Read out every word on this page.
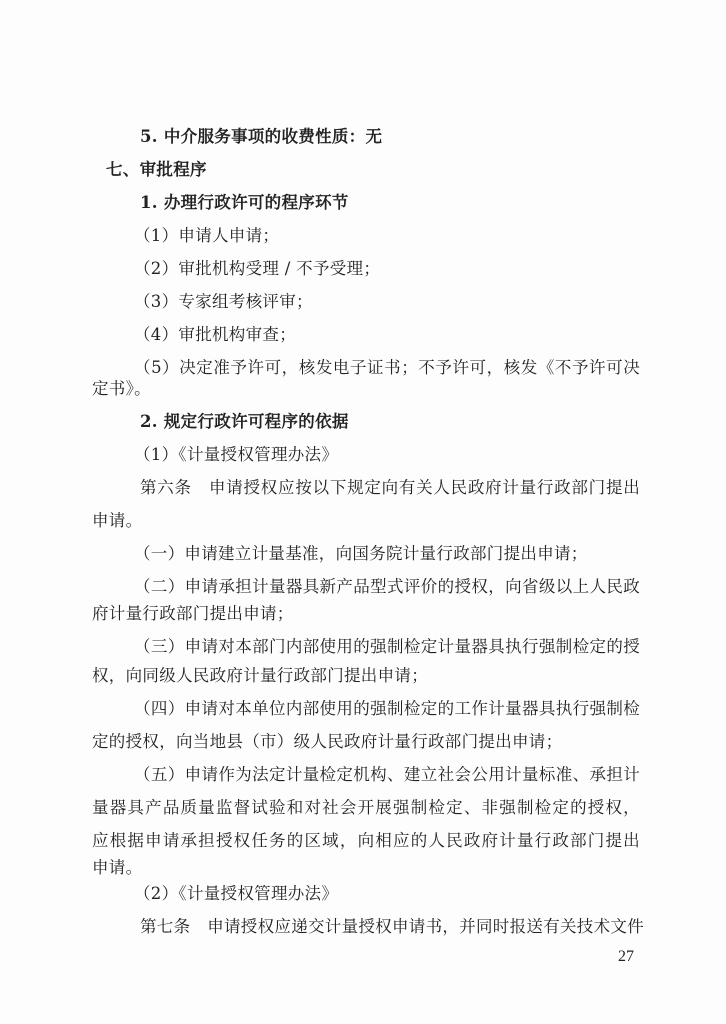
5. 中介服务事项的收费性质：无
七、审批程序
1. 办理行政许可的程序环节
（1）申请人申请；
（2）审批机构受理 / 不予受理；
（3）专家组考核评审；
（4）审批机构审查；
（5）决定准予许可，核发电子证书；不予许可，核发《不予许可决
定书》。
2. 规定行政许可程序的依据
（1）《计量授权管理办法》
第六条　申请授权应按以下规定向有关人民政府计量行政部门提出
申请。
（一）申请建立计量基准，向国务院计量行政部门提出申请；
（二）申请承担计量器具新产品型式评价的授权，向省级以上人民政
府计量行政部门提出申请；
（三）申请对本部门内部使用的强制检定计量器具执行强制检定的授
权，向同级人民政府计量行政部门提出申请；
（四）申请对本单位内部使用的强制检定的工作计量器具执行强制检
定的授权，向当地县（市）级人民政府计量行政部门提出申请；
（五）申请作为法定计量检定机构、建立社会公用计量标准、承担计
量器具产品质量监督试验和对社会开展强制检定、非强制检定的授权，
应根据申请承担授权任务的区域，向相应的人民政府计量行政部门提出
申请。
（2）《计量授权管理办法》
第七条　申请授权应递交计量授权申请书，并同时报送有关技术文件
27
